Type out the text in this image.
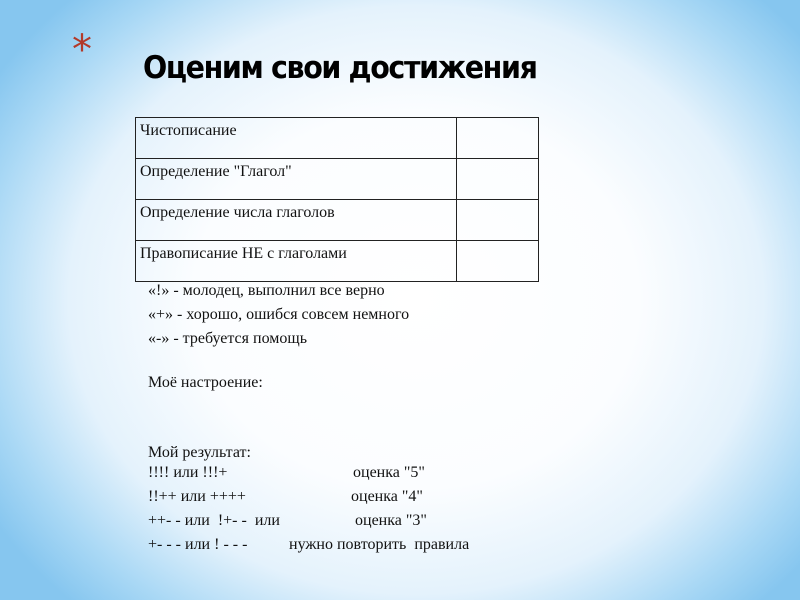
* Оценим свои достижения
Чистописание	
Определение "Глагол"	
Определение числа глаголов	
Правописание НЕ с глаголами	
«!» - молодец, выполнил все верно
«+» - хорошо, ошибся совсем немного
«-» - требуется помощь
Моё настроение:
Мой результат:
!!!! или !!!+	оценка "5"
!!++ или ++++	оценка "4"
++- - или  !+- -  или	оценка "3"
+- - - или ! - - -	нужно повторить  правила
